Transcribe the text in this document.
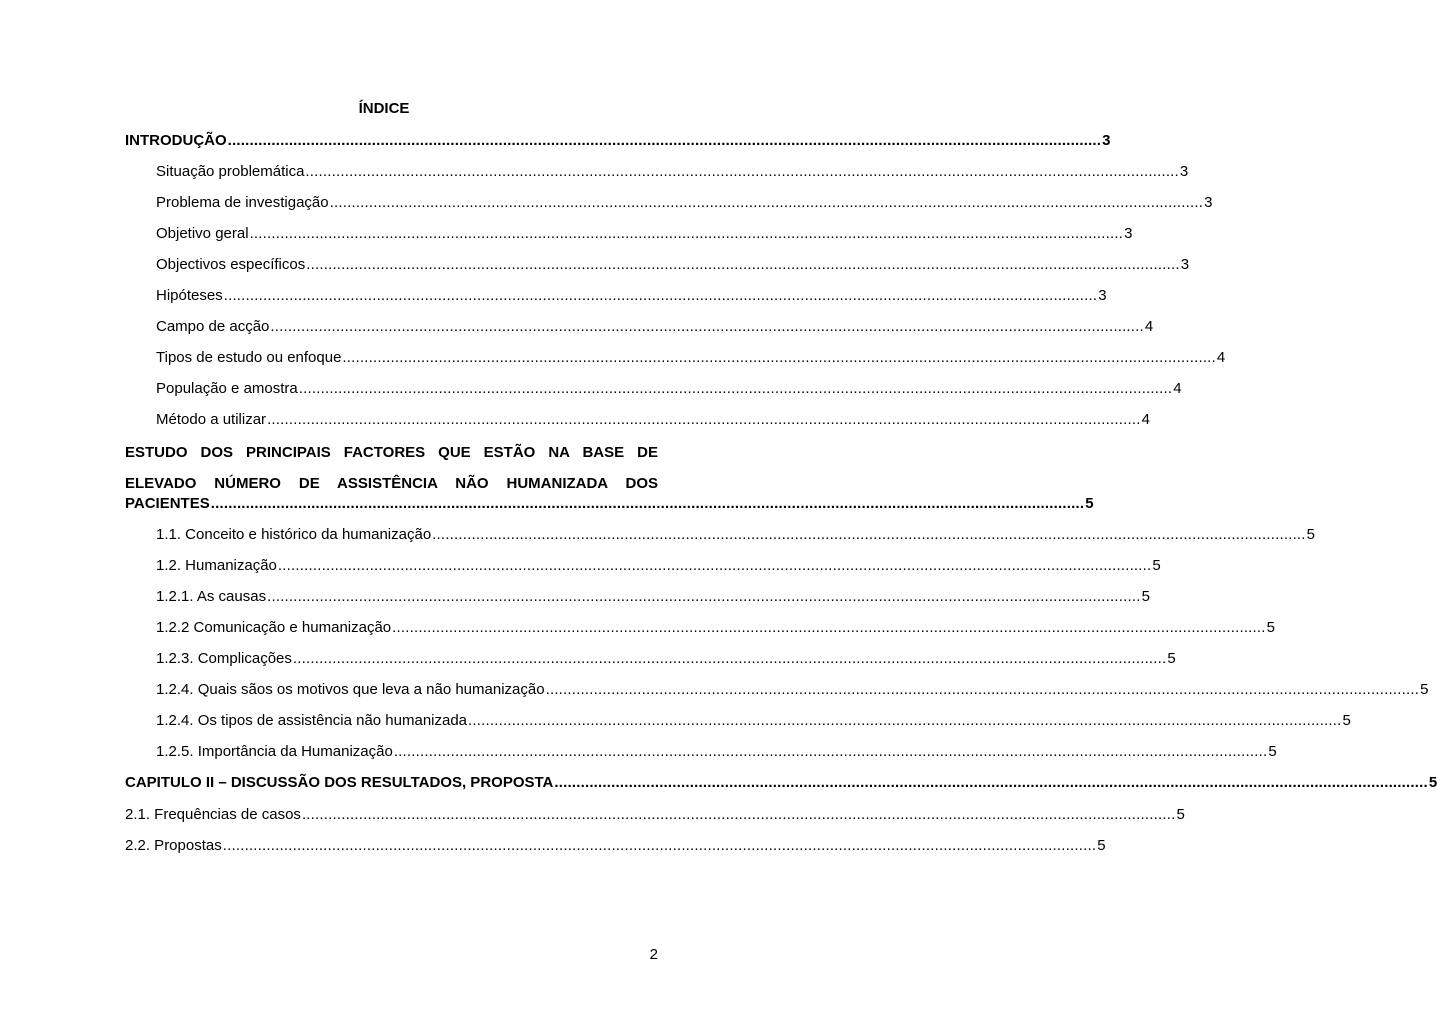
ÍNDICE
INTRODUÇÃO ........................................................................................................................................................................................................ 3
Situação problemática ........................................................................................................................................................................................................ 3
Problema de investigação ........................................................................................................................................................................................................ 3
Objetivo geral ........................................................................................................................................................................................................ 3
Objectivos específicos ........................................................................................................................................................................................................ 3
Hipóteses ........................................................................................................................................................................................................ 3
Campo de acção ........................................................................................................................................................................................................ 4
Tipos de estudo ou enfoque ........................................................................................................................................................................................................ 4
População e amostra ........................................................................................................................................................................................................ 4
Método a utilizar ........................................................................................................................................................................................................ 4
ESTUDO DOS PRINCIPAIS FACTORES QUE ESTÃO NA BASE DE
ELEVADO NÚMERO DE ASSISTÊNCIA NÃO HUMANIZADA DOS
PACIENTES ........................................................................................................................................................................................................ 5
1.1. Conceito e histórico da humanização ........................................................................................................................................................................................................ 5
1.2. Humanização ........................................................................................................................................................................................................ 5
1.2.1. As causas ........................................................................................................................................................................................................ 5
1.2.2 Comunicação e humanização ........................................................................................................................................................................................................ 5
1.2.3. Complicações ........................................................................................................................................................................................................ 5
1.2.4. Quais sãos os motivos que leva a não humanização ........................................................................................................................................................................................................ 5
1.2.4. Os tipos de assistência não humanizada ........................................................................................................................................................................................................ 5
1.2.5. Importância da Humanização ........................................................................................................................................................................................................ 5
CAPITULO II – DISCUSSÃO DOS RESULTADOS, PROPOSTA ........................................................................................................................................................................................................ 5
2.1. Frequências de casos ........................................................................................................................................................................................................ 5
2.2. Propostas ........................................................................................................................................................................................................ 5
2
